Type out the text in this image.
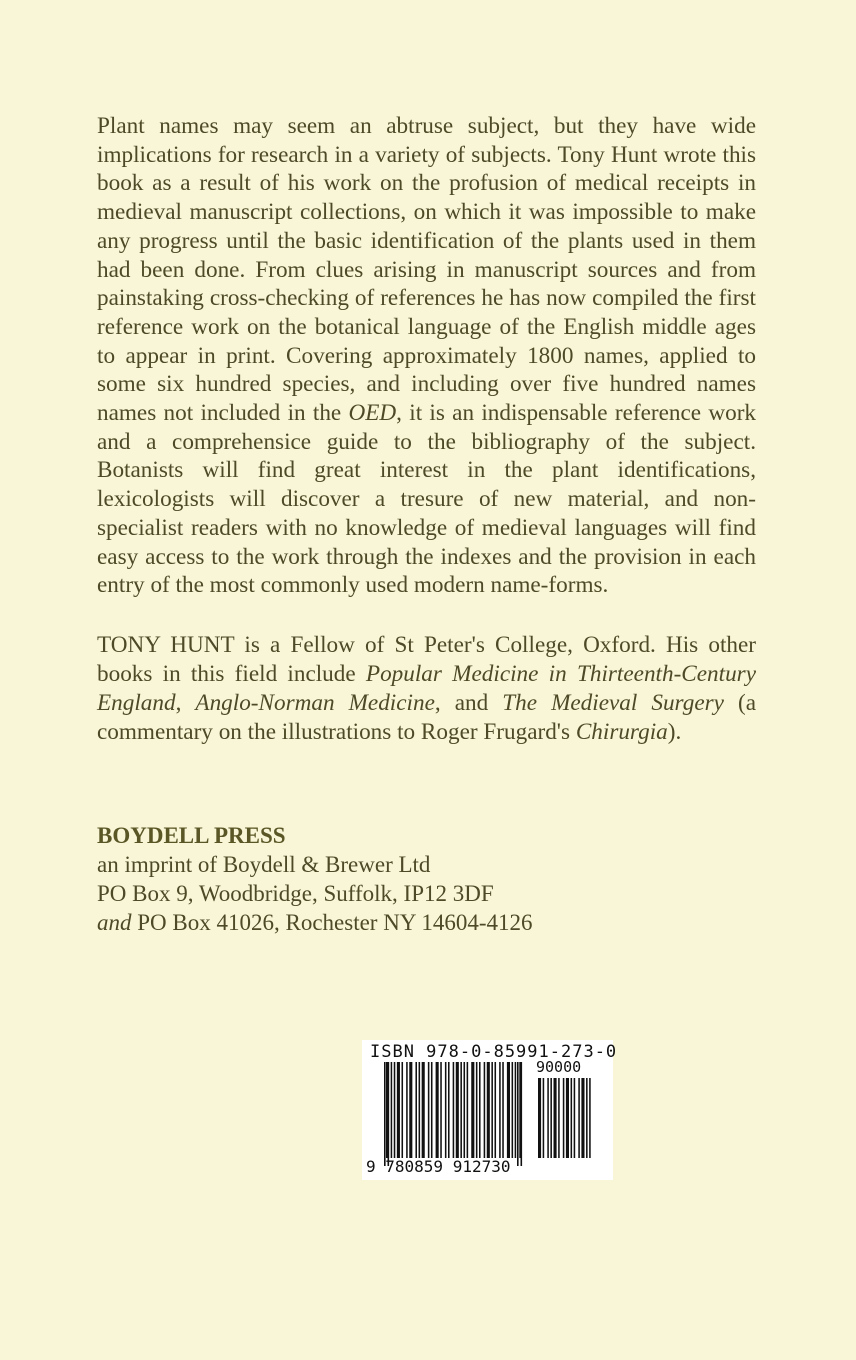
Plant names may seem an abtruse subject, but they have wide implications for research in a variety of subjects. Tony Hunt wrote this book as a result of his work on the profusion of medical receipts in medieval manuscript collections, on which it was impossible to make any progress until the basic identification of the plants used in them had been done. From clues arising in manuscript sources and from painstaking cross-checking of references he has now compiled the first reference work on the botanical language of the English middle ages to appear in print. Covering approximately 1800 names, applied to some six hundred species, and including over five hundred names names not included in the OED, it is an indispensable reference work and a comprehensice guide to the bibliography of the subject. Botanists will find great interest in the plant identifications, lexicologists will discover a tresure of new material, and non-specialist readers with no knowledge of medieval languages will find easy access to the work through the indexes and the provision in each entry of the most commonly used modern name-forms.
TONY HUNT is a Fellow of St Peter's College, Oxford. His other books in this field include Popular Medicine in Thirteenth-Century England, Anglo-Norman Medicine, and The Medieval Surgery (a commentary on the illustrations to Roger Frugard's Chirurgia).
BOYDELL PRESS
an imprint of Boydell & Brewer Ltd
PO Box 9, Woodbridge, Suffolk, IP12 3DF
and PO Box 41026, Rochester NY 14604-4126
ISBN 978-0-85991-273-0
90000
9 780859 912730
